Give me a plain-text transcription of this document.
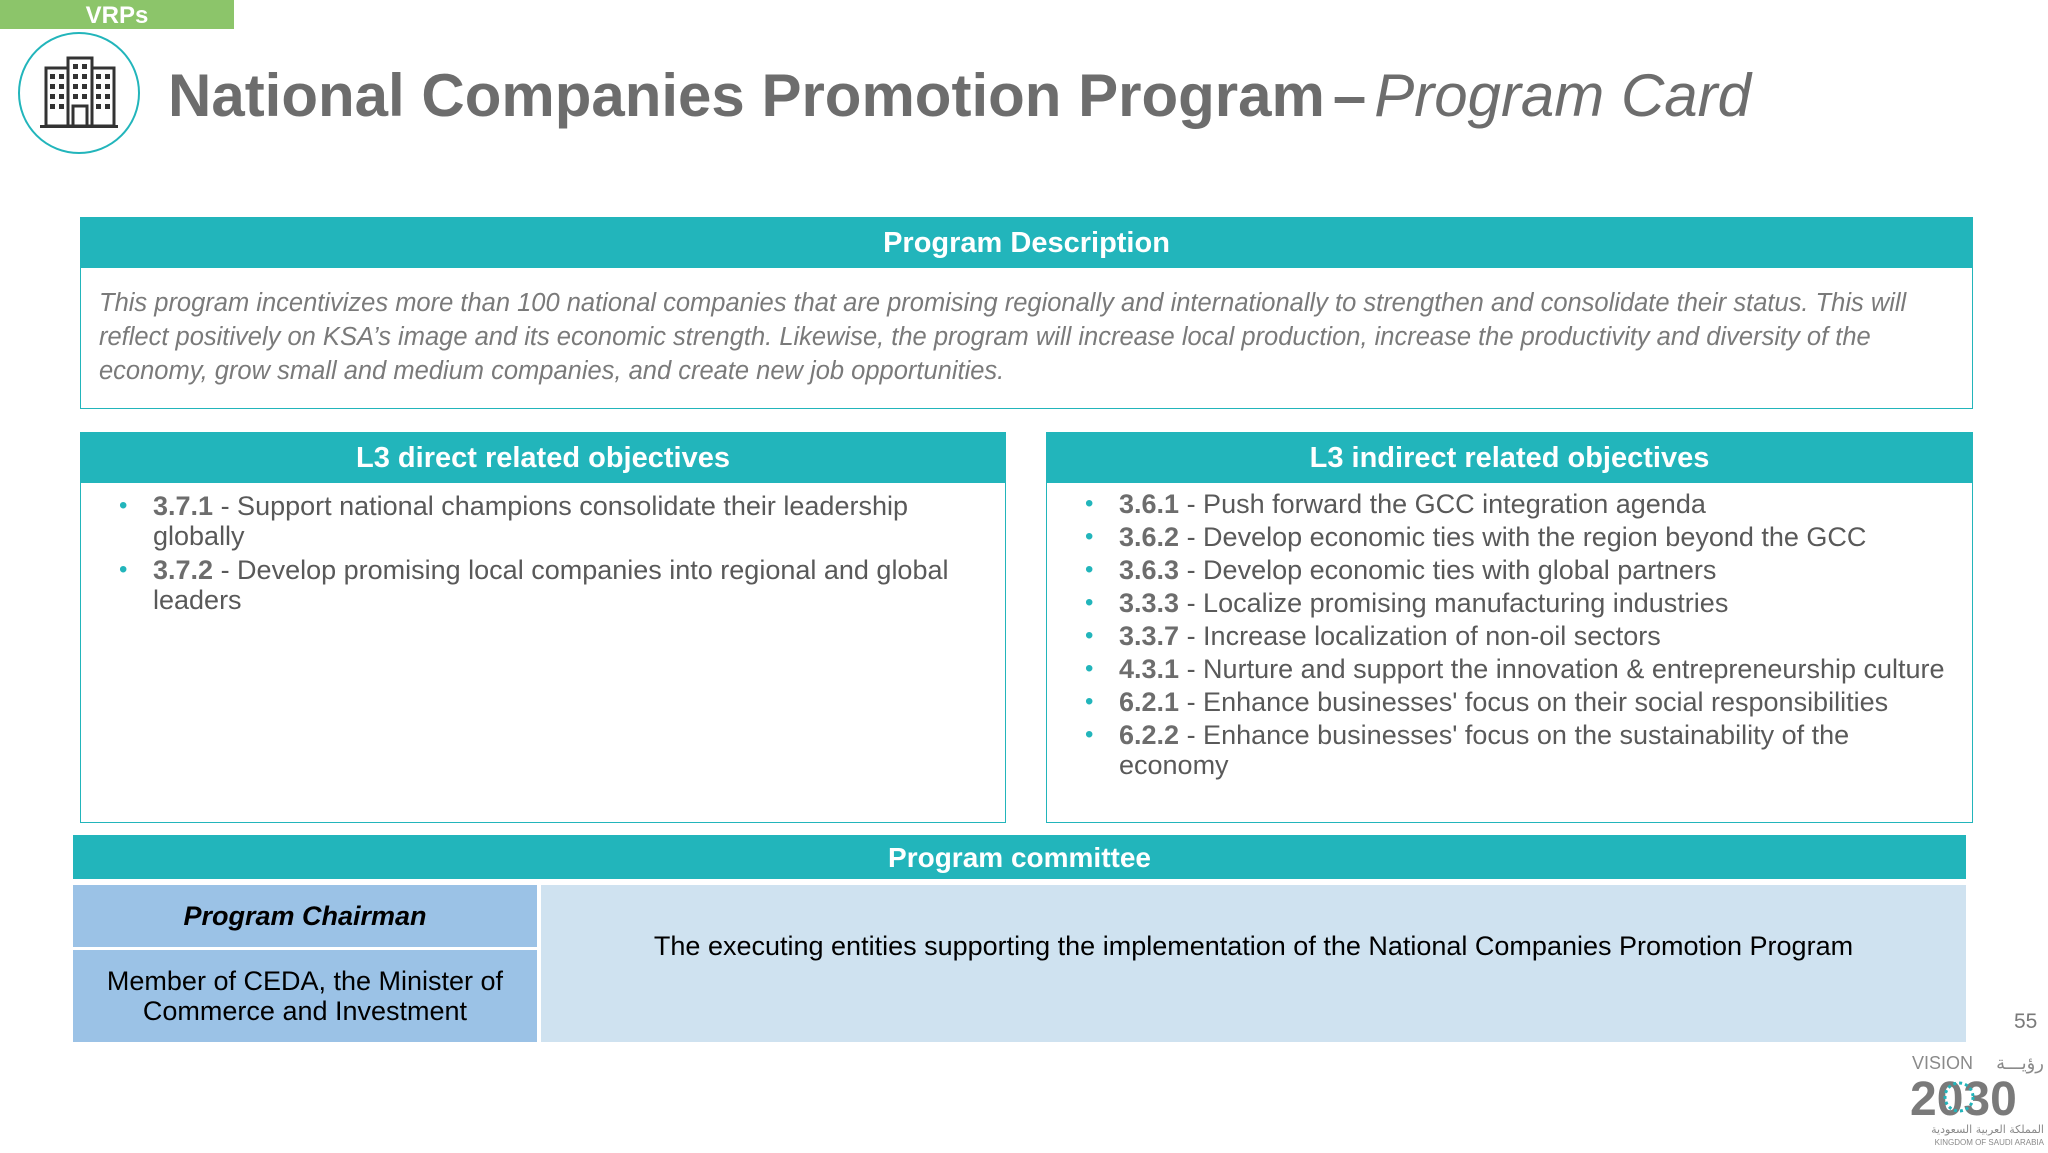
VRPs
National Companies Promotion Program – Program Card
Program Description
This program incentivizes more than 100 national companies that are promising regionally and internationally to strengthen and consolidate their status. This will reflect positively on KSA’s image and its economic strength. Likewise, the program will increase local production, increase the productivity and diversity of the economy, grow small and medium companies, and create new job opportunities.
L3 direct related objectives
• 3.7.1 - Support national champions consolidate their leadership globally
• 3.7.2 - Develop promising local companies into regional and global leaders
L3 indirect related objectives
• 3.6.1 - Push forward the GCC integration agenda
• 3.6.2 - Develop economic ties with the region beyond the GCC
• 3.6.3 - Develop economic ties with global partners
• 3.3.3 - Localize promising manufacturing industries
• 3.3.7 - Increase localization of non-oil sectors
• 4.3.1 - Nurture and support the innovation & entrepreneurship culture
• 6.2.1 - Enhance businesses' focus on their social responsibilities
• 6.2.2 - Enhance businesses' focus on the sustainability of the economy
Program committee
Program Chairman
Member of CEDA, the Minister of Commerce and Investment
The executing entities supporting the implementation of the National Companies Promotion Program
55
VISION رؤيـــة
2030
المملكة العربية السعودية
KINGDOM OF SAUDI ARABIA
